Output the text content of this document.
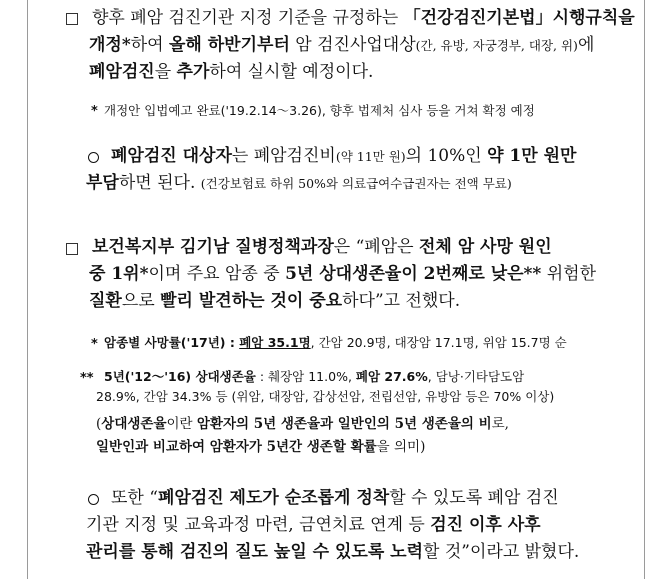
향후 폐암 검진기관 지정 기준을 규정하는 「건강검진기본법」시행규칙을
개정*하여 올해 하반기부터 암 검진사업대상(간, 유방, 자궁경부, 대장, 위)에
폐암검진을 추가하여 실시할 예정이다.
* 개정안 입법예고 완료('19.2.14～3.26), 향후 법제처 심사 등을 거쳐 확정 예정
폐암검진 대상자는 폐암검진비(약 11만 원)의 10%인 약 1만 원만
부담하면 된다. (건강보험료 하위 50%와 의료급여수급권자는 전액 무료)
보건복지부 김기남 질병정책과장은 “폐암은 전체 암 사망 원인
중 1위*이며 주요 암종 중 5년 상대생존율이 2번째로 낮은** 위험한
질환으로 빨리 발견하는 것이 중요하다”고 전했다.
* 암종별 사망률('17년) : 폐암 35.1명, 간암 20.9명, 대장암 17.1명, 위암 15.7명 순
** 5년('12～'16) 상대생존율 : 췌장암 11.0%, 폐암 27.6%, 담낭·기타담도암
28.9%, 간암 34.3% 등 (위암, 대장암, 갑상선암, 전립선암, 유방암 등은 70% 이상)
(상대생존율이란 암환자의 5년 생존율과 일반인의 5년 생존율의 비로,
일반인과 비교하여 암환자가 5년간 생존할 확률을 의미)
또한 “폐암검진 제도가 순조롭게 정착할 수 있도록 폐암 검진
기관 지정 및 교육과정 마련, 금연치료 연계 등 검진 이후 사후
관리를 통해 검진의 질도 높일 수 있도록 노력할 것”이라고 밝혔다.
